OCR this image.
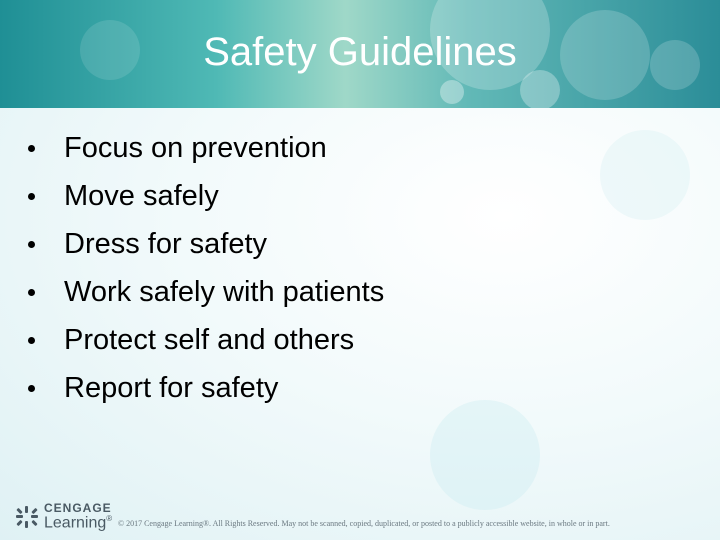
Safety Guidelines
Focus on prevention
Move safely
Dress for safety
Work safely with patients
Protect self and others
Report for safety
CENGAGE
Learning®
© 2017 Cengage Learning®. All Rights Reserved. May not be scanned, copied, duplicated, or posted to a publicly accessible website, in whole or in part.
